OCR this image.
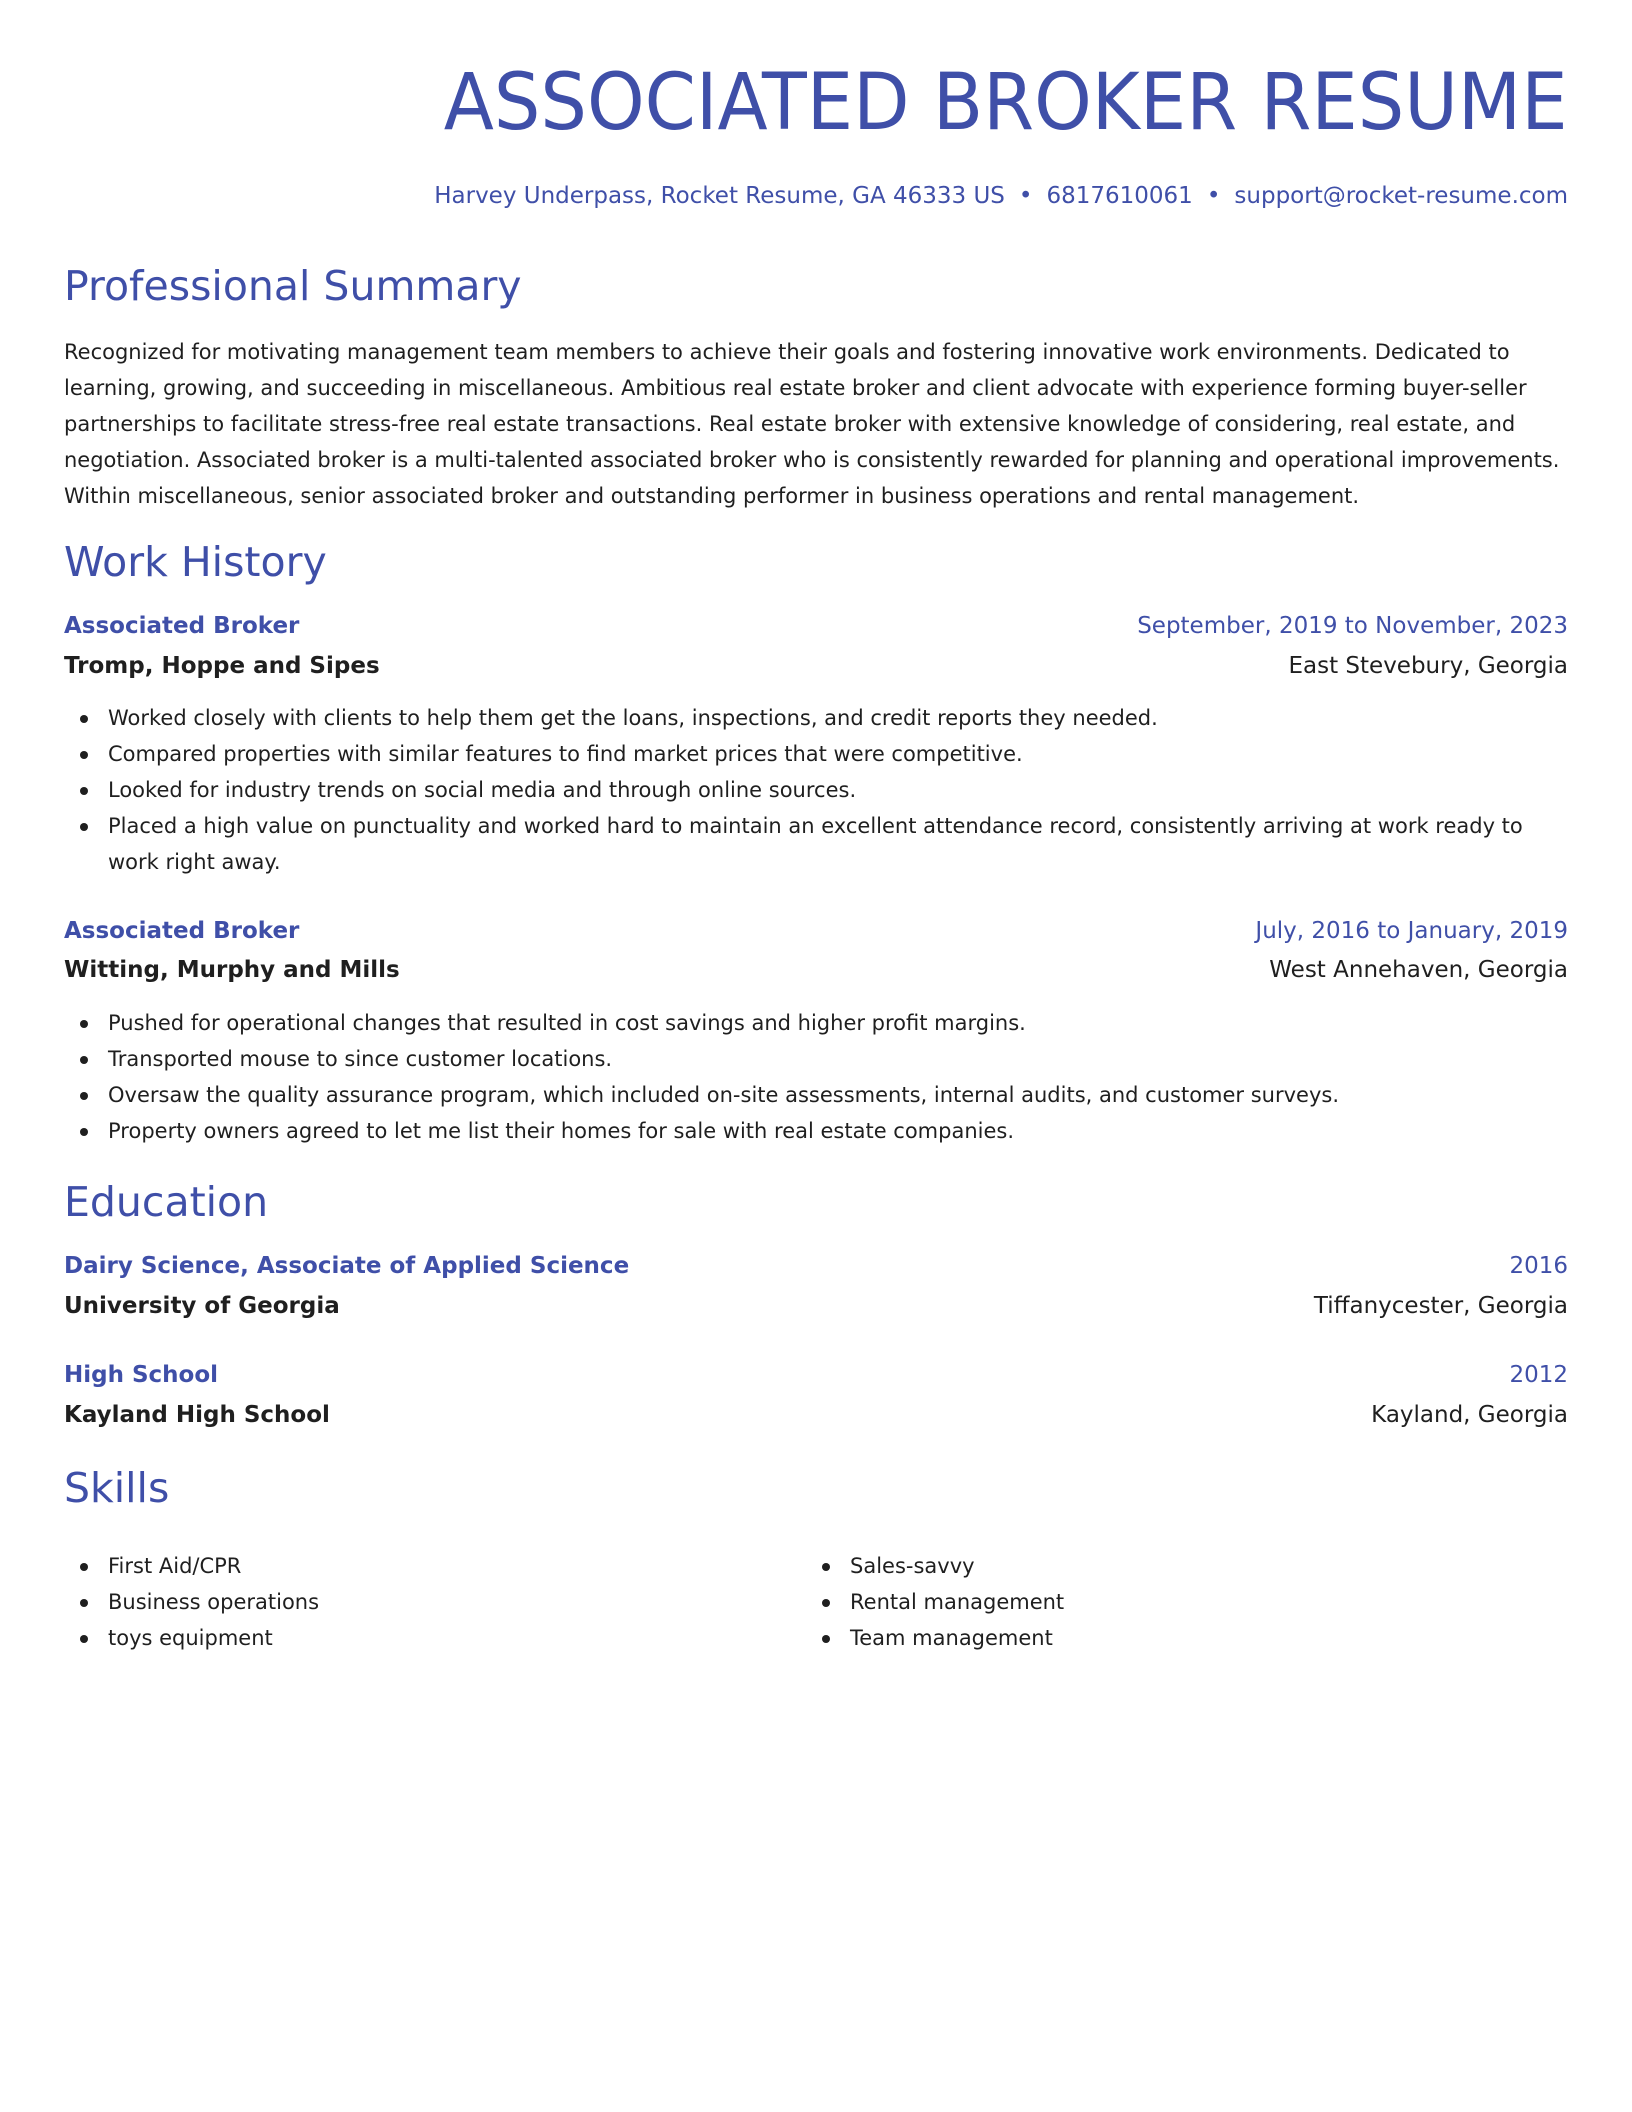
ASSOCIATED BROKER RESUME
Harvey Underpass, Rocket Resume, GA 46333 US • 6817610061 • support@rocket-resume.com
Professional Summary
Recognized for motivating management team members to achieve their goals and fostering innovative work environments. Dedicated to learning, growing, and succeeding in miscellaneous. Ambitious real estate broker and client advocate with experience forming buyer-seller partnerships to facilitate stress-free real estate transactions. Real estate broker with extensive knowledge of considering, real estate, and negotiation. Associated broker is a multi-talented associated broker who is consistently rewarded for planning and operational improvements. Within miscellaneous, senior associated broker and outstanding performer in business operations and rental management.
Work History
Associated Broker	September, 2019 to November, 2023
Tromp, Hoppe and Sipes	East Stevebury, Georgia
Worked closely with clients to help them get the loans, inspections, and credit reports they needed.
Compared properties with similar features to find market prices that were competitive.
Looked for industry trends on social media and through online sources.
Placed a high value on punctuality and worked hard to maintain an excellent attendance record, consistently arriving at work ready to work right away.
Associated Broker	July, 2016 to January, 2019
Witting, Murphy and Mills	West Annehaven, Georgia
Pushed for operational changes that resulted in cost savings and higher profit margins.
Transported mouse to since customer locations.
Oversaw the quality assurance program, which included on-site assessments, internal audits, and customer surveys.
Property owners agreed to let me list their homes for sale with real estate companies.
Education
Dairy Science, Associate of Applied Science	2016
University of Georgia	Tiffanycester, Georgia
High School	2012
Kayland High School	Kayland, Georgia
Skills
First Aid/CPR
Business operations
toys equipment
Sales-savvy
Rental management
Team management
